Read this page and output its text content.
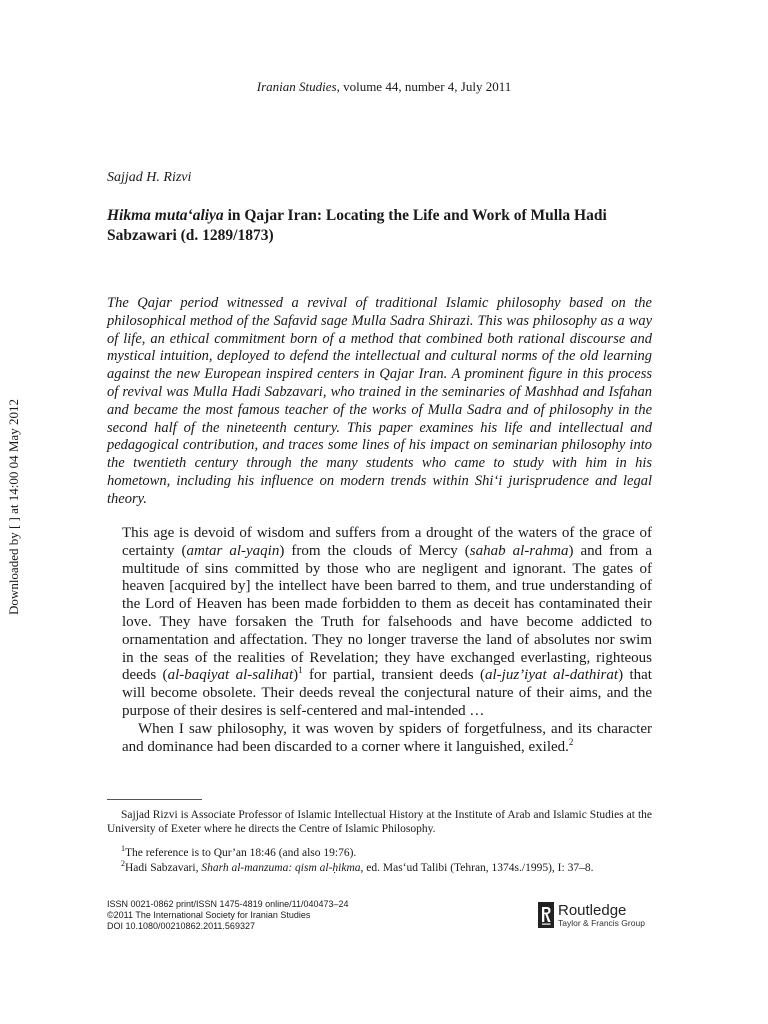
Iranian Studies, volume 44, number 4, July 2011
Downloaded by [ ] at 14:00 04 May 2012
Sajjad H. Rizvi
Hikma muta‘aliya in Qajar Iran: Locating the Life and Work of Mulla Hadi Sabzawari (d. 1289/1873)

The Qajar period witnessed a revival of traditional Islamic philosophy based on the philosophical method of the Safavid sage Mulla Sadra Shirazi. This was philosophy as a way of life, an ethical commitment born of a method that combined both rational discourse and mystical intuition, deployed to defend the intellectual and cultural norms of the old learning against the new European inspired centers in Qajar Iran. A prominent figure in this process of revival was Mulla Hadi Sabzavari, who trained in the seminaries of Mashhad and Isfahan and became the most famous teacher of the works of Mulla Sadra and of philosophy in the second half of the nineteenth century. This paper examines his life and intellectual and pedagogical contribution, and traces some lines of his impact on seminarian philosophy into the twentieth century through the many students who came to study with him in his hometown, including his influence on modern trends within Shi‘i jurisprudence and legal theory.

This age is devoid of wisdom and suffers from a drought of the waters of the grace of certainty (amtar al-yaqin) from the clouds of Mercy (sahab al-rahma) and from a multitude of sins committed by those who are negligent and ignorant. The gates of heaven [acquired by] the intellect have been barred to them, and true understanding of the Lord of Heaven has been made forbidden to them as deceit has contaminated their love. They have forsaken the Truth for falsehoods and have become addicted to ornamentation and affectation. They no longer traverse the land of absolutes nor swim in the seas of the realities of Revelation; they have exchanged everlasting, righteous deeds (al-baqiyat al-salihat)$^1$ for partial, transient deeds (al-juz’iyat al-dathirat) that will become obsolete. Their deeds reveal the conjectural nature of their aims, and the purpose of their desires is self-centered and mal-intended …

When I saw philosophy, it was woven by spiders of forgetfulness, and its character and dominance had been discarded to a corner where it languished, exiled.$^2$

Sajjad Rizvi is Associate Professor of Islamic Intellectual History at the Institute of Arab and Islamic Studies at the University of Exeter where he directs the Centre of Islamic Philosophy.

$^1$The reference is to Qur’an 18:46 (and also 19:76).

$^2$Hadi Sabzavari, Sharh al-manzuma: qism al-ḥikma, ed. Mas‘ud Talibi (Tehran, 1374s./1995), I: 37–8.

ISSN 0021-0862 print/ISSN 1475-4819 online/11/040473–24
©2011 The International Society for Iranian Studies
DOI 10.1080/00210862.2011.569327
Routledge
Taylor & Francis Group
